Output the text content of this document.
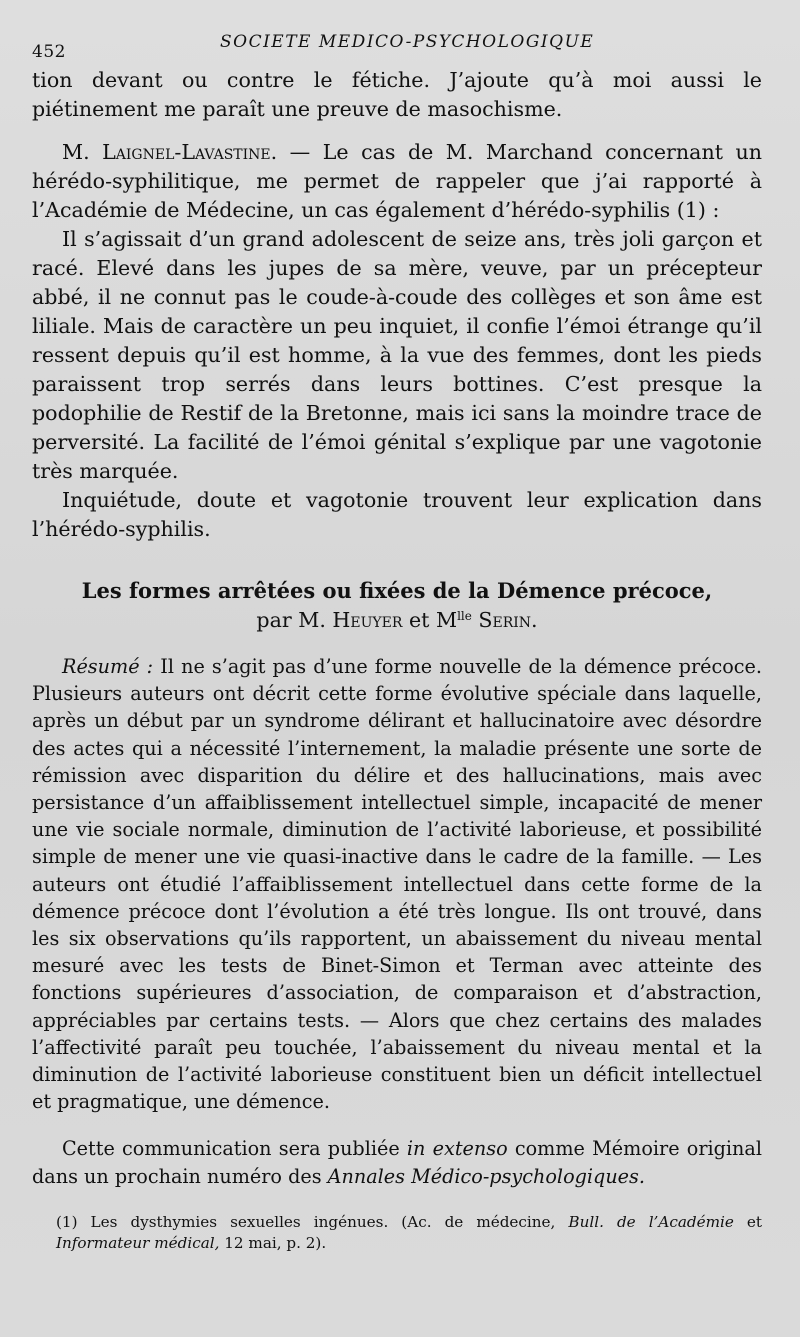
452	SOCIETE MEDICO-PSYCHOLOGIQUE

tion devant ou contre le fétiche. J’ajoute qu’à moi aussi le piétinement me paraît une preuve de masochisme.

M. Laignel-Lavastine. — Le cas de M. Marchand concernant un hérédo-syphilitique, me permet de rappeler que j’ai rapporté à l’Académie de Médecine, un cas également d’hérédo-syphilis (1) :

Il s’agissait d’un grand adolescent de seize ans, très joli garçon et racé. Elevé dans les jupes de sa mère, veuve, par un précepteur abbé, il ne connut pas le coude-à-coude des collèges et son âme est liliale. Mais de caractère un peu inquiet, il confie l’émoi étrange qu’il ressent depuis qu’il est homme, à la vue des femmes, dont les pieds paraissent trop serrés dans leurs bottines. C’est presque la podophilie de Restif de la Bretonne, mais ici sans la moindre trace de perversité. La facilité de l’émoi génital s’explique par une vagotonie très marquée.

Inquiétude, doute et vagotonie trouvent leur explication dans l’hérédo-syphilis.

Les formes arrêtées ou fixées de la Démence précoce,
par M. Heuyer et $M^{lle}$ Serin.

Résumé : Il ne s’agit pas d’une forme nouvelle de la démence précoce. Plusieurs auteurs ont décrit cette forme évolutive spéciale dans laquelle, après un début par un syndrome délirant et hallucinatoire avec désordre des actes qui a nécessité l’internement, la maladie présente une sorte de rémission avec disparition du délire et des hallucinations, mais avec persistance d’un affaiblissement intellectuel simple, incapacité de mener une vie sociale normale, diminution de l’activité laborieuse, et possibilité simple de mener une vie quasi-inactive dans le cadre de la famille. — Les auteurs ont étudié l’affaiblissement intellectuel dans cette forme de la démence précoce dont l’évolution a été très longue. Ils ont trouvé, dans les six observations qu’ils rapportent, un abaissement du niveau mental mesuré avec les tests de Binet-Simon et Terman avec atteinte des fonctions supérieures d’association, de comparaison et d’abstraction, appréciables par certains tests. — Alors que chez certains des malades l’affectivité paraît peu touchée, l’abaissement du niveau mental et la diminution de l’activité laborieuse constituent bien un déficit intellectuel et pragmatique, une démence.

Cette communication sera publiée in extenso comme Mémoire original dans un prochain numéro des Annales Médico-psychologiques.

(1) Les dysthymies sexuelles ingénues. (Ac. de médecine, Bull. de l’Académie et Informateur médical, 12 mai, p. 2).
